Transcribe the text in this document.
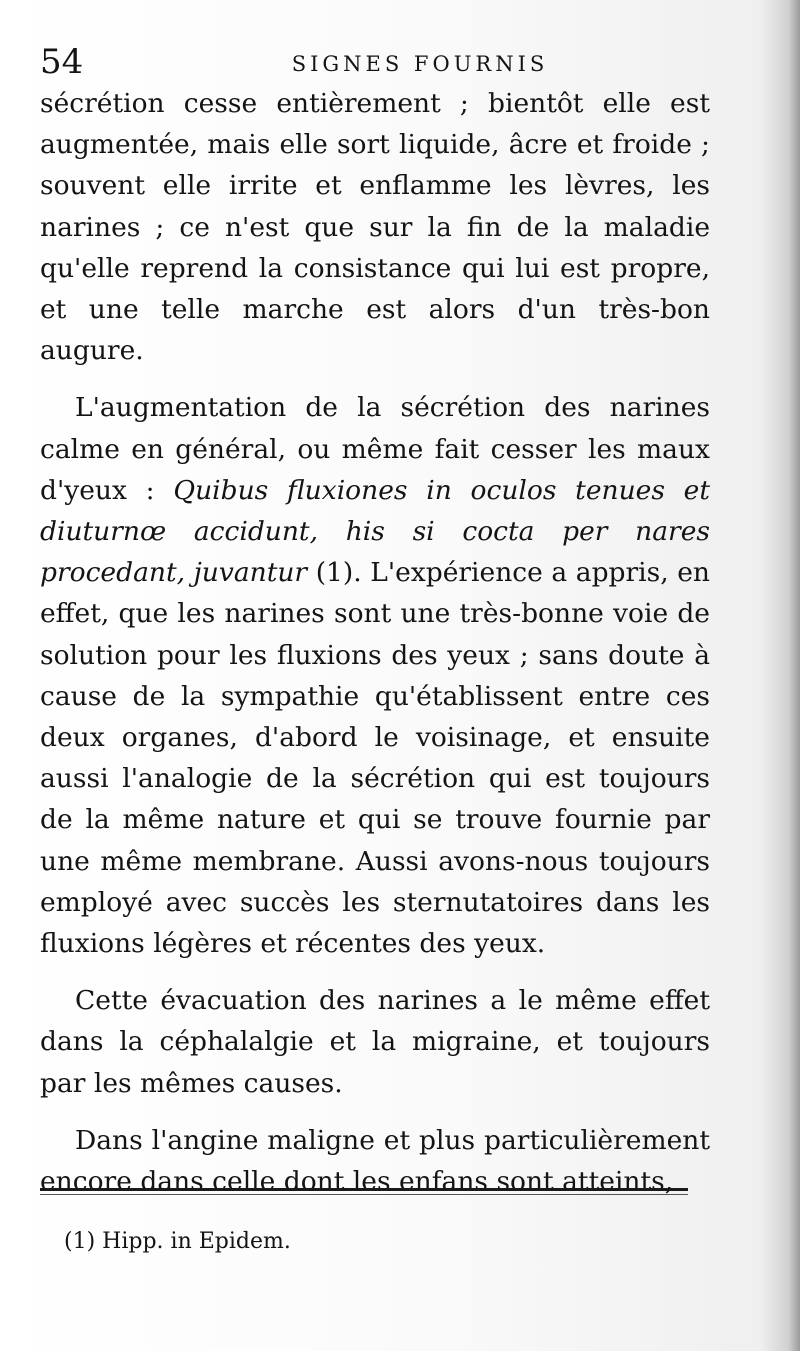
54	SIGNES FOURNIS

sécrétion cesse entièrement ; bientôt elle est augmentée, mais elle sort liquide, âcre et froide ; souvent elle irrite et enflamme les lèvres, les narines ; ce n'est que sur la fin de la maladie qu'elle reprend la consistance qui lui est propre, et une telle marche est alors d'un très-bon augure.

L'augmentation de la sécrétion des narines calme en général, ou même fait cesser les maux d'yeux : Quibus fluxiones in oculos tenues et diuturnœ accidunt, his si cocta per nares procedant, juvantur (1). L'expérience a appris, en effet, que les narines sont une très-bonne voie de solution pour les fluxions des yeux ; sans doute à cause de la sympathie qu'établissent entre ces deux organes, d'abord le voisinage, et ensuite aussi l'analogie de la sécrétion qui est toujours de la même nature et qui se trouve fournie par une même membrane. Aussi avons-nous toujours employé avec succès les sternutatoires dans les fluxions légères et récentes des yeux.

Cette évacuation des narines a le même effet dans la céphalalgie et la migraine, et toujours par les mêmes causes.

Dans l'angine maligne et plus particulièrement encore dans celle dont les enfans sont atteints,

(1) Hipp. in Epidem.
